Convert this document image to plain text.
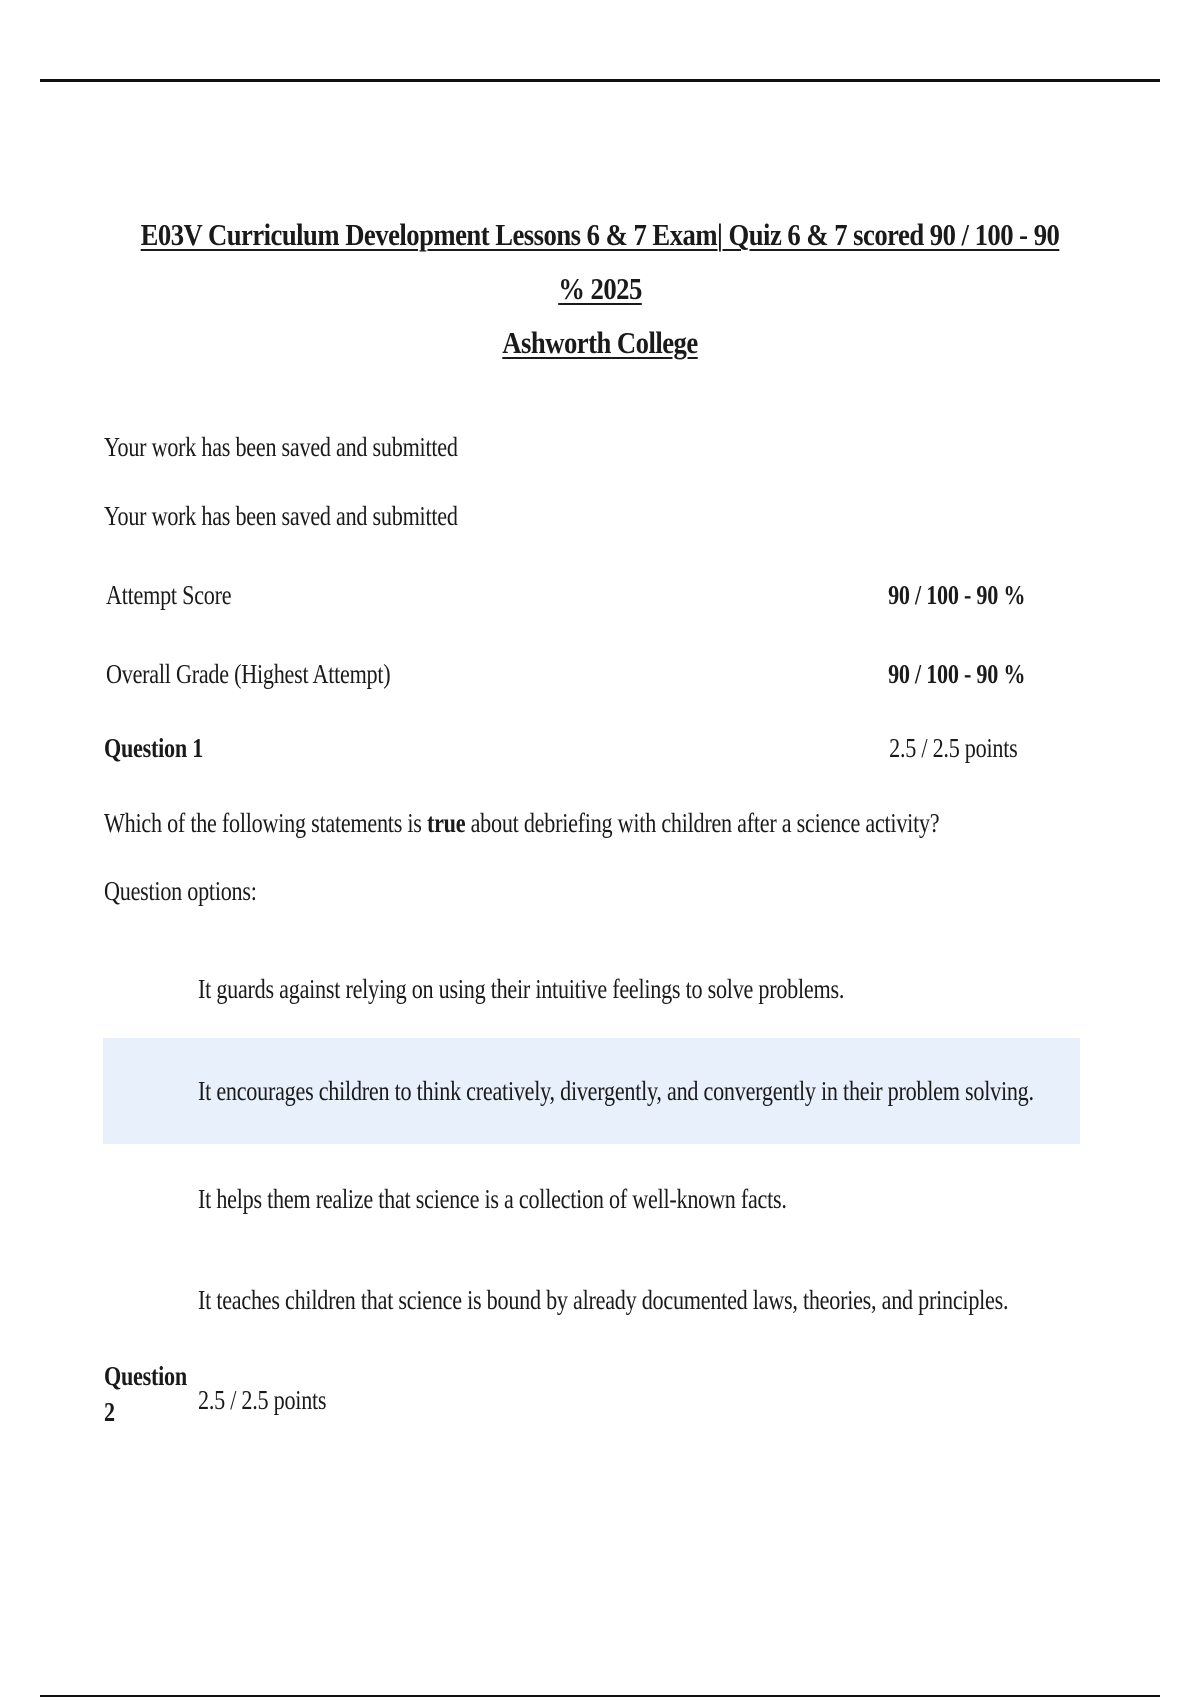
E03V Curriculum Development Lessons 6 & 7 Exam| Quiz 6 & 7 scored 90 / 100 - 90 % 2025
Ashworth College
Your work has been saved and submitted
Your work has been saved and submitted
Attempt Score	90 / 100 - 90 %
Overall Grade (Highest Attempt)	90 / 100 - 90 %
Question 1	2.5 / 2.5 points
Which of the following statements is true about debriefing with children after a science activity?
Question options:
It guards against relying on using their intuitive feelings to solve problems.
It encourages children to think creatively, divergently, and convergently in their problem solving.
It helps them realize that science is a collection of well-known facts.
It teaches children that science is bound by already documented laws, theories, and principles.
Question
2	2.5 / 2.5 points
